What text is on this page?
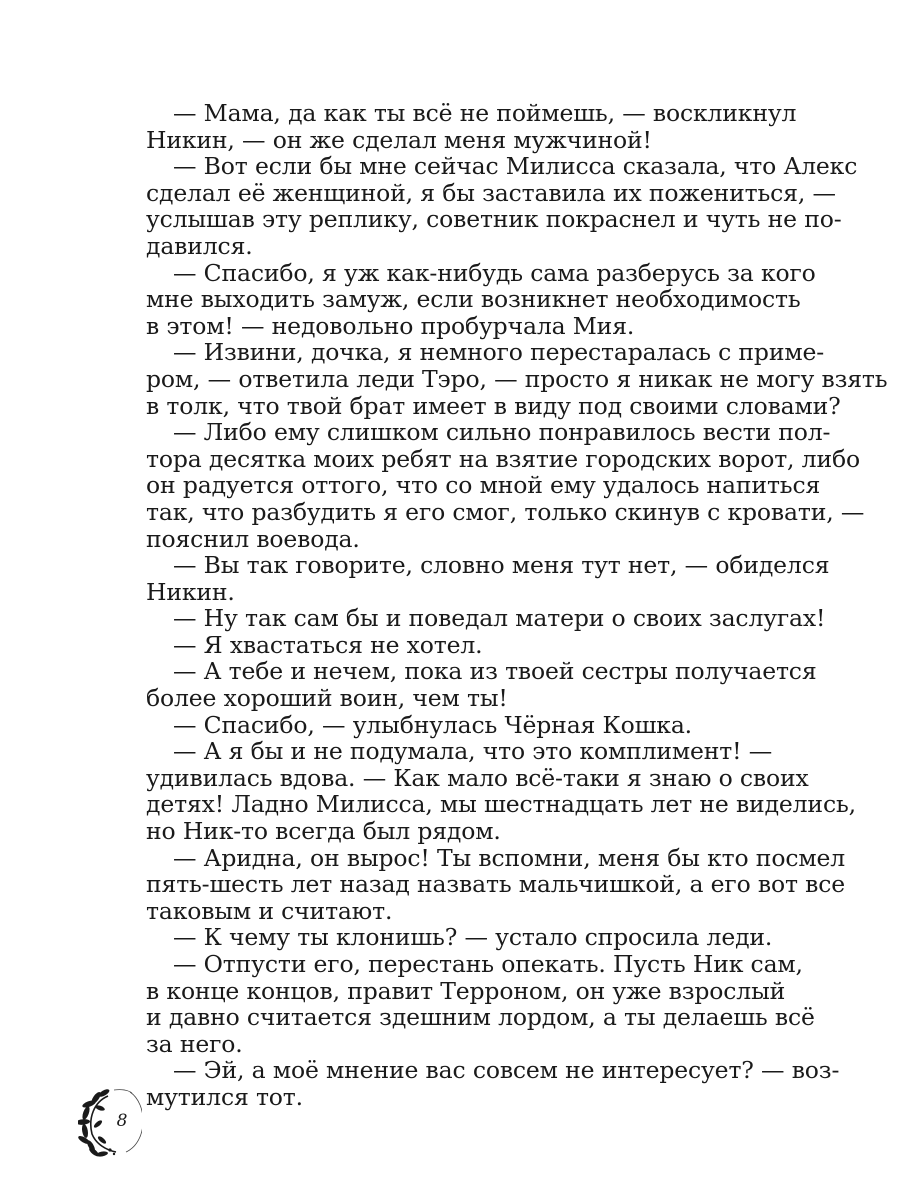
— Мама, да как ты всё не поймешь, — воскликнул
Никин, — он же сделал меня мужчиной!
— Вот если бы мне сейчас Милисса сказала, что Алекс
сделал её женщиной, я бы заставила их пожениться, —
услышав эту реплику, советник покраснел и чуть не по-
давился.
— Спасибо, я уж как-нибудь сама разберусь за кого
мне выходить замуж, если возникнет необходимость
в этом! — недовольно пробурчала Мия.
— Извини, дочка, я немного перестаралась с приме-
ром, — ответила леди Тэро, — просто я никак не могу взять
в толк, что твой брат имеет в виду под своими словами?
— Либо ему слишком сильно понравилось вести пол-
тора десятка моих ребят на взятие городских ворот, либо
он радуется оттого, что со мной ему удалось напиться
так, что разбудить я его смог, только скинув с кровати, —
пояснил воевода.
— Вы так говорите, словно меня тут нет, — обиделся
Никин.
— Ну так сам бы и поведал матери о своих заслугах!
— Я хвастаться не хотел.
— А тебе и нечем, пока из твоей сестры получается
более хороший воин, чем ты!
— Спасибо, — улыбнулась Чёрная Кошка.
— А я бы и не подумала, что это комплимент! —
удивилась вдова. — Как мало всё-таки я знаю о своих
детях! Ладно Милисса, мы шестнадцать лет не виделись,
но Ник-то всегда был рядом.
— Аридна, он вырос! Ты вспомни, меня бы кто посмел
пять-шесть лет назад назвать мальчишкой, а его вот все
таковым и считают.
— К чему ты клонишь? — устало спросила леди.
— Отпусти его, перестань опекать. Пусть Ник сам,
в конце концов, правит Терроном, он уже взрослый
и давно считается здешним лордом, а ты делаешь всё
за него.
— Эй, а моё мнение вас совсем не интересует? — воз-
мутился тот.
8
